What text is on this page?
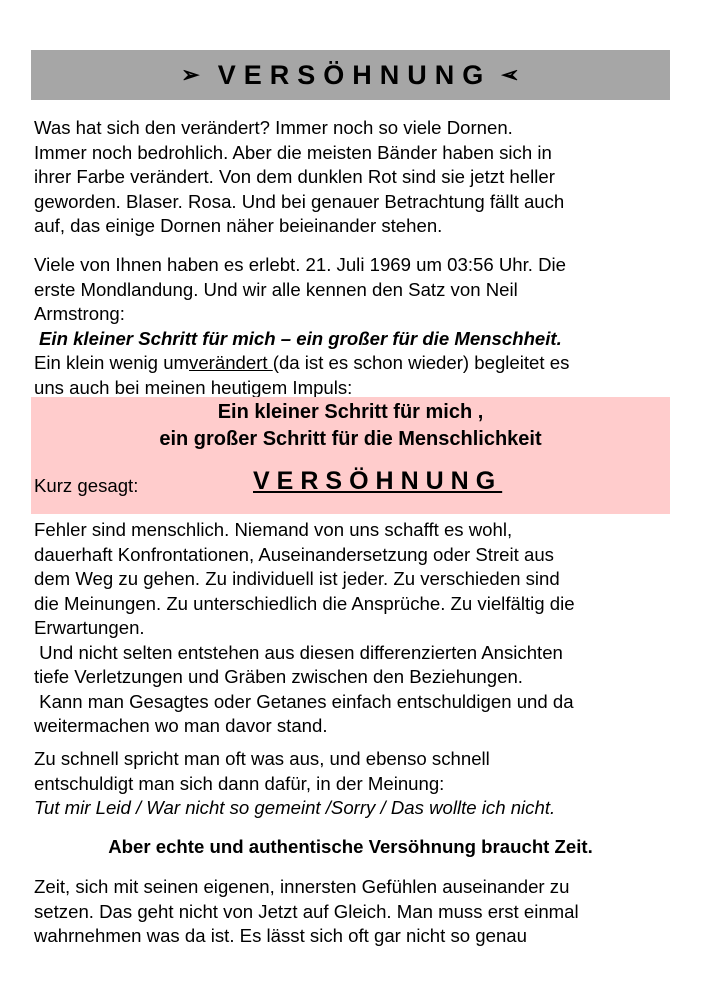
➢ VERSÖHNUNG ➢
Was hat sich den verändert? Immer noch so viele Dornen.
Immer noch bedrohlich. Aber die meisten Bänder haben sich in
ihrer Farbe verändert. Von dem dunklen Rot sind sie jetzt heller
geworden. Blaser. Rosa. Und bei genauer Betrachtung fällt auch
auf, das einige Dornen näher beieinander stehen.
Viele von Ihnen haben es erlebt. 21. Juli 1969 um 03:56 Uhr. Die
erste Mondlandung. Und wir alle kennen den Satz von Neil
Armstrong:
Ein kleiner Schritt für mich – ein großer für die Menschheit.
Ein klein wenig umverändert (da ist es schon wieder) begleitet es
uns auch bei meinen heutigem Impuls:
Ein kleiner Schritt für mich ,
ein großer Schritt für die Menschlichkeit
Kurz gesagt:	VERSÖHNUNG
Fehler sind menschlich. Niemand von uns schafft es wohl,
dauerhaft Konfrontationen, Auseinandersetzung oder Streit aus
dem Weg zu gehen. Zu individuell ist jeder. Zu verschieden sind
die Meinungen. Zu unterschiedlich die Ansprüche. Zu vielfältig die
Erwartungen.
Und nicht selten entstehen aus diesen differenzierten Ansichten
tiefe Verletzungen und Gräben zwischen den Beziehungen.
Kann man Gesagtes oder Getanes einfach entschuldigen und da
weitermachen wo man davor stand.
Zu schnell spricht man oft was aus, und ebenso schnell
entschuldigt man sich dann dafür, in der Meinung:
Tut mir Leid / War nicht so gemeint /Sorry / Das wollte ich nicht.
Aber echte und authentische Versöhnung braucht Zeit.
Zeit, sich mit seinen eigenen, innersten Gefühlen auseinander zu
setzen. Das geht nicht von Jetzt auf Gleich. Man muss erst einmal
wahrnehmen was da ist. Es lässt sich oft gar nicht so genau
